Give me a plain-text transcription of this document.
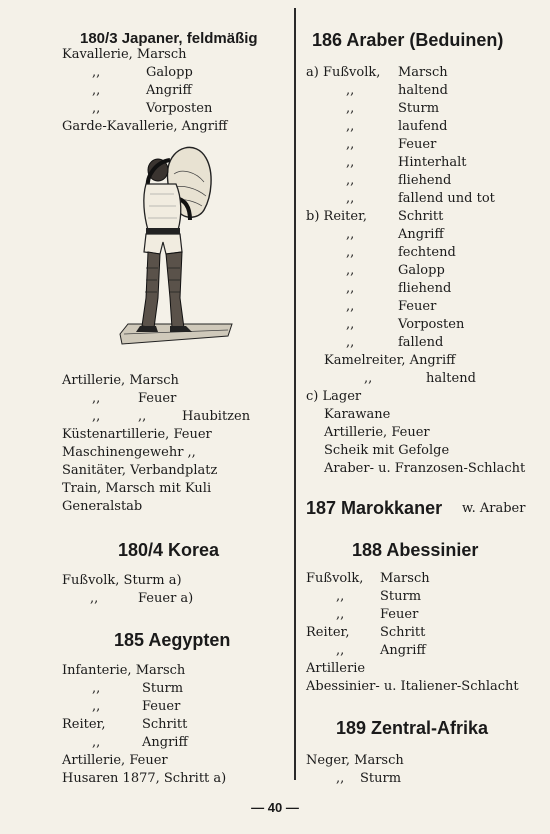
180/3 Japaner, feldmäßig
Kavallerie, Marsch
,,	Galopp
,,	Angriff
,,	Vorposten
Garde-Kavallerie, Angriff
Artillerie, Marsch
,,	Feuer
,,	,,	Haubitzen
Küstenartillerie, Feuer
Maschinengewehr ,,
Sanitäter, Verbandplatz
Train, Marsch mit Kuli
Generalstab
180/4 Korea
Fußvolk, Sturm a)
,,	Feuer a)
185 Aegypten
Infanterie, Marsch
,,	Sturm
,,	Feuer
Reiter,	Schritt
,,	Angriff
Artillerie, Feuer
Husaren 1877, Schritt a)
186 Araber (Beduinen)
a) Fußvolk, Marsch
,,	haltend
,,	Sturm
,,	laufend
,,	Feuer
,,	Hinterhalt
,,	fliehend
,,	fallend und tot
b) Reiter, Schritt
,,	Angriff
,,	fechtend
,,	Galopp
,,	fliehend
,,	Feuer
,,	Vorposten
,,	fallend
Kamelreiter, Angriff
,,	haltend
c) Lager
Karawane
Artillerie, Feuer
Scheik mit Gefolge
Araber- u. Franzosen-Schlacht
187 Marokkaner w. Araber
188 Abessinier
Fußvolk, Marsch
,,	Sturm
,,	Feuer
Reiter, Schritt
,,	Angriff
Artillerie
Abessinier- u. Italiener-Schlacht
189 Zentral-Afrika
Neger, Marsch
,, Sturm
— 40 —
